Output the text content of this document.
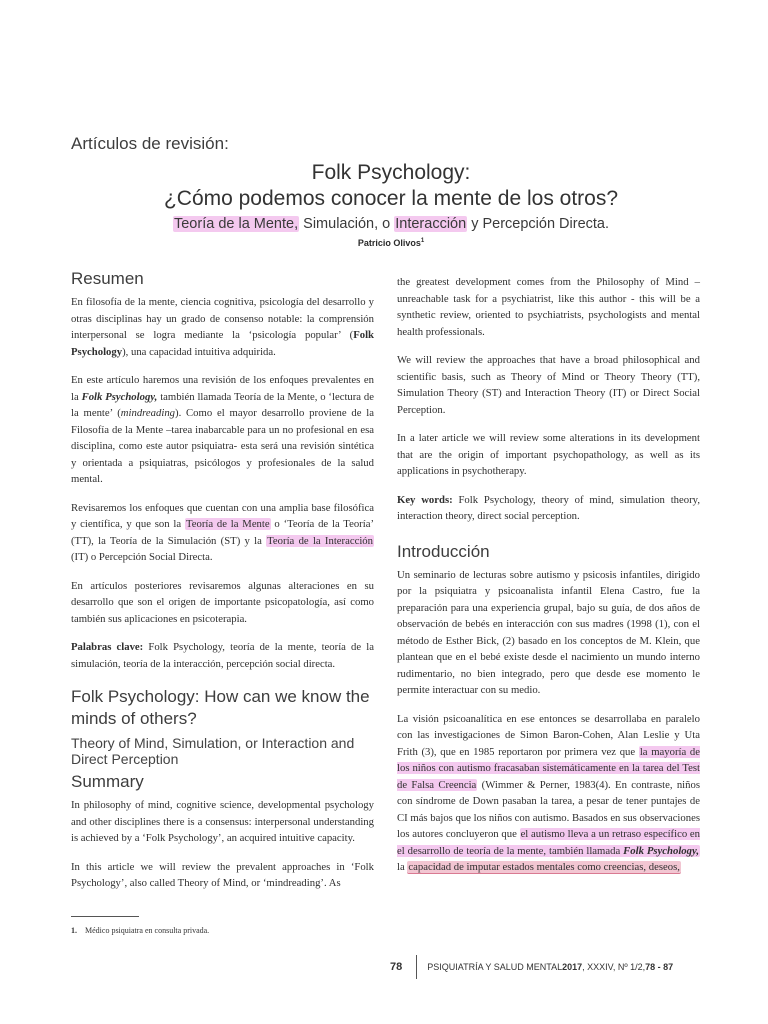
Artículos de revisión:
Folk Psychology:
¿Cómo podemos conocer la mente de los otros?
Teoría de la Mente, Simulación, o Interacción y Percepción Directa.
Patricio Olivos$^1$
Resumen

En filosofía de la mente, ciencia cognitiva, psicología del desarrollo y otras disciplinas hay un grado de consenso notable: la comprensión interpersonal se logra mediante la ‘psicología popular’ (Folk Psychology), una capacidad intuitiva adquirida.

En este artículo haremos una revisión de los enfoques prevalentes en la Folk Psychology, también llamada Teoría de la Mente, o ‘lectura de la mente’ (mindreading). Como el mayor desarrollo proviene de la Filosofía de la Mente –tarea inabarcable para un no profesional en esa disciplina, como este autor psiquiatra- esta será una revisión sintética y orientada a psiquiatras, psicólogos y profesionales de la salud mental.

Revisaremos los enfoques que cuentan con una amplia base filosófica y científica, y que son la Teoría de la Mente o ‘Teoría de la Teoría’ (TT), la Teoría de la Simulación (ST) y la Teoría de la Interacción (IT) o Percepción Social Directa.

En artículos posteriores revisaremos algunas alteraciones en su desarrollo que son el origen de importante psicopatología, así como también sus aplicaciones en psicoterapia.

Palabras clave: Folk Psychology, teoría de la mente, teoría de la simulación, teoría de la interacción, percepción social directa.

Folk Psychology: How can we know the minds of others?
Theory of Mind, Simulation, or Interaction and Direct Perception
Summary

In philosophy of mind, cognitive science, developmental psychology and other disciplines there is a consensus: interpersonal understanding is achieved by a ‘Folk Psychology’, an acquired intuitive capacity.

In this article we will review the prevalent approaches in ‘Folk Psychology’, also called Theory of Mind, or ‘mindreading’. As

the greatest development comes from the Philosophy of Mind –unreachable task for a psychiatrist, like this author - this will be a synthetic review, oriented to psychiatrists, psychologists and mental health professionals.

We will review the approaches that have a broad philosophical and scientific basis, such as Theory of Mind or Theory Theory (TT), Simulation Theory (ST) and Interaction Theory (IT) or Direct Social Perception.

In a later article we will review some alterations in its development that are the origin of important psychopathology, as well as its applications in psychotherapy.

Key words: Folk Psychology, theory of mind, simulation theory, interaction theory, direct social perception.

Introducción

Un seminario de lecturas sobre autismo y psicosis infantiles, dirigido por la psiquiatra y psicoanalista infantil Elena Castro, fue la preparación para una experiencia grupal, bajo su guía, de dos años de observación de bebés en interacción con sus madres (1998 (1), con el método de Esther Bick, (2) basado en los conceptos de M. Klein, que plantean que en el bebé existe desde el nacimiento un mundo interno rudimentario, no bien integrado, pero que desde ese momento le permite interactuar con su medio.

La visión psicoanalítica en ese entonces se desarrollaba en paralelo con las investigaciones de Simon Baron-Cohen, Alan Leslie y Uta Frith (3), que en 1985 reportaron por primera vez que la mayoría de los niños con autismo fracasaban sistemáticamente en la tarea del Test de Falsa Creencia (Wimmer & Perner, 1983(4). En contraste, niños con síndrome de Down pasaban la tarea, a pesar de tener puntajes de CI más bajos que los niños con autismo. Basados en sus observaciones los autores concluyeron que el autismo lleva a un retraso específico en el desarrollo de teoría de la mente, también llamada Folk Psychology, la capacidad de imputar estados mentales como creencias, deseos,

1. Médico psiquiatra en consulta privada.
78	PSIQUIATRÍA Y SALUD MENTAL 2017 , XXXIV, Nº 1/2, 78 - 87
